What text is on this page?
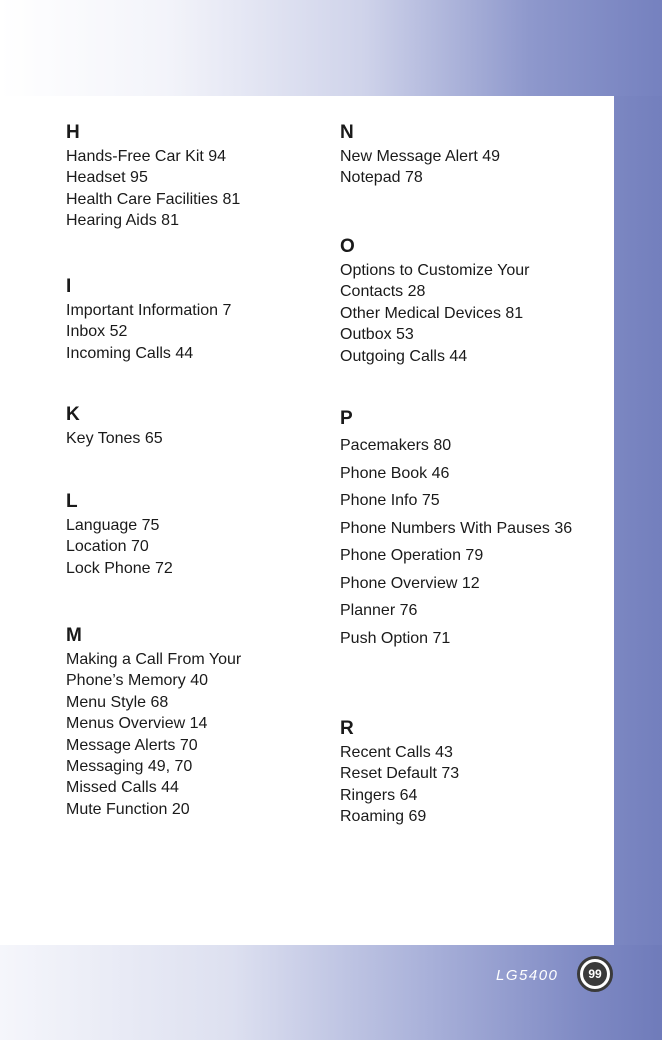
H
Hands-Free Car Kit 94
Headset 95
Health Care Facilities 81
Hearing Aids 81
I
Important Information 7
Inbox 52
Incoming Calls 44
K
Key Tones 65
L
Language 75
Location 70
Lock Phone 72
M
Making a Call From Your Phone’s Memory 40
Menu Style 68
Menus Overview 14
Message Alerts 70
Messaging 49, 70
Missed Calls 44
Mute Function 20
N
New Message Alert 49
Notepad 78
O
Options to Customize Your Contacts 28
Other Medical Devices 81
Outbox 53
Outgoing Calls 44
P
Pacemakers 80
Phone Book 46
Phone Info 75
Phone Numbers With Pauses 36
Phone Operation 79
Phone Overview 12
Planner 76
Push Option 71
R
Recent Calls 43
Reset Default 73
Ringers 64
Roaming 69
LG5400	99
